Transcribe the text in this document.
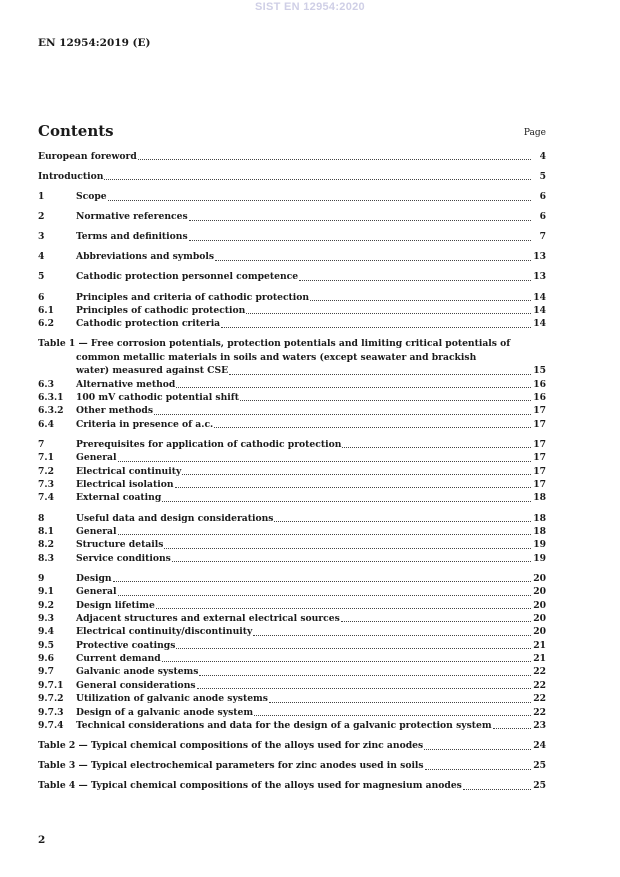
SIST EN 12954:2020
EN 12954:2019 (E)
Contents	Page
European foreword	4
Introduction	5
1	Scope	6
2	Normative references	6
3	Terms and definitions	7
4	Abbreviations and symbols	13
5	Cathodic protection personnel competence	13
6	Principles and criteria of cathodic protection	14
6.1	Principles of cathodic protection	14
6.2	Cathodic protection criteria	14
Table 1 — Free corrosion potentials, protection potentials and limiting critical potentials of
common metallic materials in soils and waters (except seawater and brackish
water) measured against CSE	15
6.3	Alternative method	16
6.3.1	100 mV cathodic potential shift	16
6.3.2	Other methods	17
6.4	Criteria in presence of a.c.	17
7	Prerequisites for application of cathodic protection	17
7.1	General	17
7.2	Electrical continuity	17
7.3	Electrical isolation	17
7.4	External coating	18
8	Useful data and design considerations	18
8.1	General	18
8.2	Structure details	19
8.3	Service conditions	19
9	Design	20
9.1	General	20
9.2	Design lifetime	20
9.3	Adjacent structures and external electrical sources	20
9.4	Electrical continuity/discontinuity	20
9.5	Protective coatings	21
9.6	Current demand	21
9.7	Galvanic anode systems	22
9.7.1	General considerations	22
9.7.2	Utilization of galvanic anode systems	22
9.7.3	Design of a galvanic anode system	22
9.7.4	Technical considerations and data for the design of a galvanic protection system	23
Table 2 — Typical chemical compositions of the alloys used for zinc anodes	24
Table 3 — Typical electrochemical parameters for zinc anodes used in soils	25
Table 4 — Typical chemical compositions of the alloys used for magnesium anodes	25
2
